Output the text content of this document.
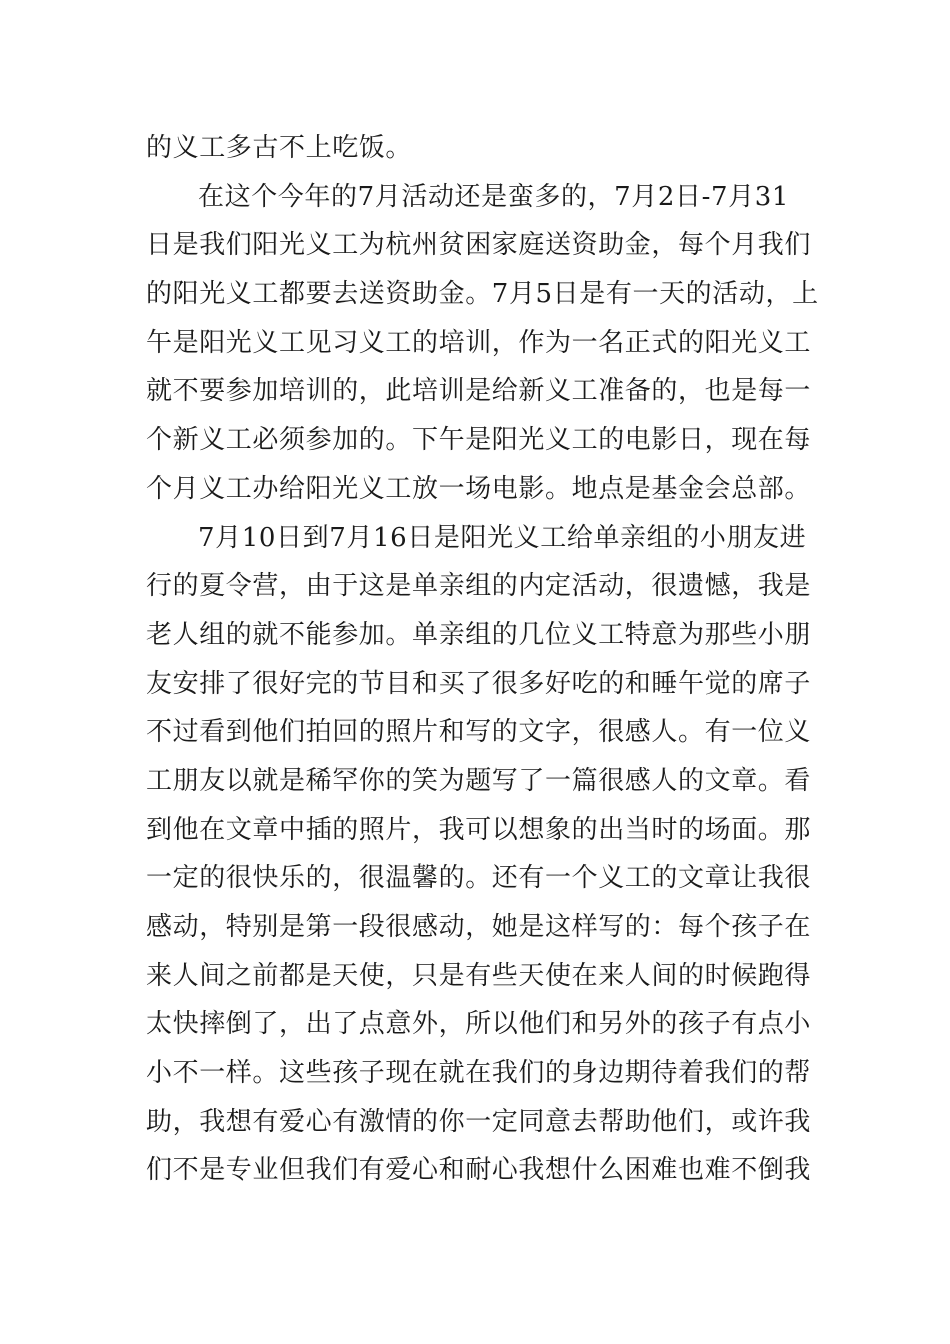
的义工多古不上吃饭。
在这个今年的7月活动还是蛮多的，7月2日-7月31
日是我们阳光义工为杭州贫困家庭送资助金，每个月我们
的阳光义工都要去送资助金。7月5日是有一天的活动，上
午是阳光义工见习义工的培训，作为一名正式的阳光义工
就不要参加培训的，此培训是给新义工准备的，也是每一
个新义工必须参加的。下午是阳光义工的电影日，现在每
个月义工办给阳光义工放一场电影。地点是基金会总部。
7月10日到7月16日是阳光义工给单亲组的小朋友进
行的夏令营，由于这是单亲组的内定活动，很遗憾，我是
老人组的就不能参加。单亲组的几位义工特意为那些小朋
友安排了很好完的节目和买了很多好吃的和睡午觉的席子
不过看到他们拍回的照片和写的文字，很感人。有一位义
工朋友以就是稀罕你的笑为题写了一篇很感人的文章。看
到他在文章中插的照片，我可以想象的出当时的场面。那
一定的很快乐的，很温馨的。还有一个义工的文章让我很
感动，特别是第一段很感动，她是这样写的：每个孩子在
来人间之前都是天使，只是有些天使在来人间的时候跑得
太快摔倒了，出了点意外，所以他们和另外的孩子有点小
小不一样。这些孩子现在就在我们的身边期待着我们的帮
助，我想有爱心有激情的你一定同意去帮助他们，或许我
们不是专业但我们有爱心和耐心我想什么困难也难不倒我
